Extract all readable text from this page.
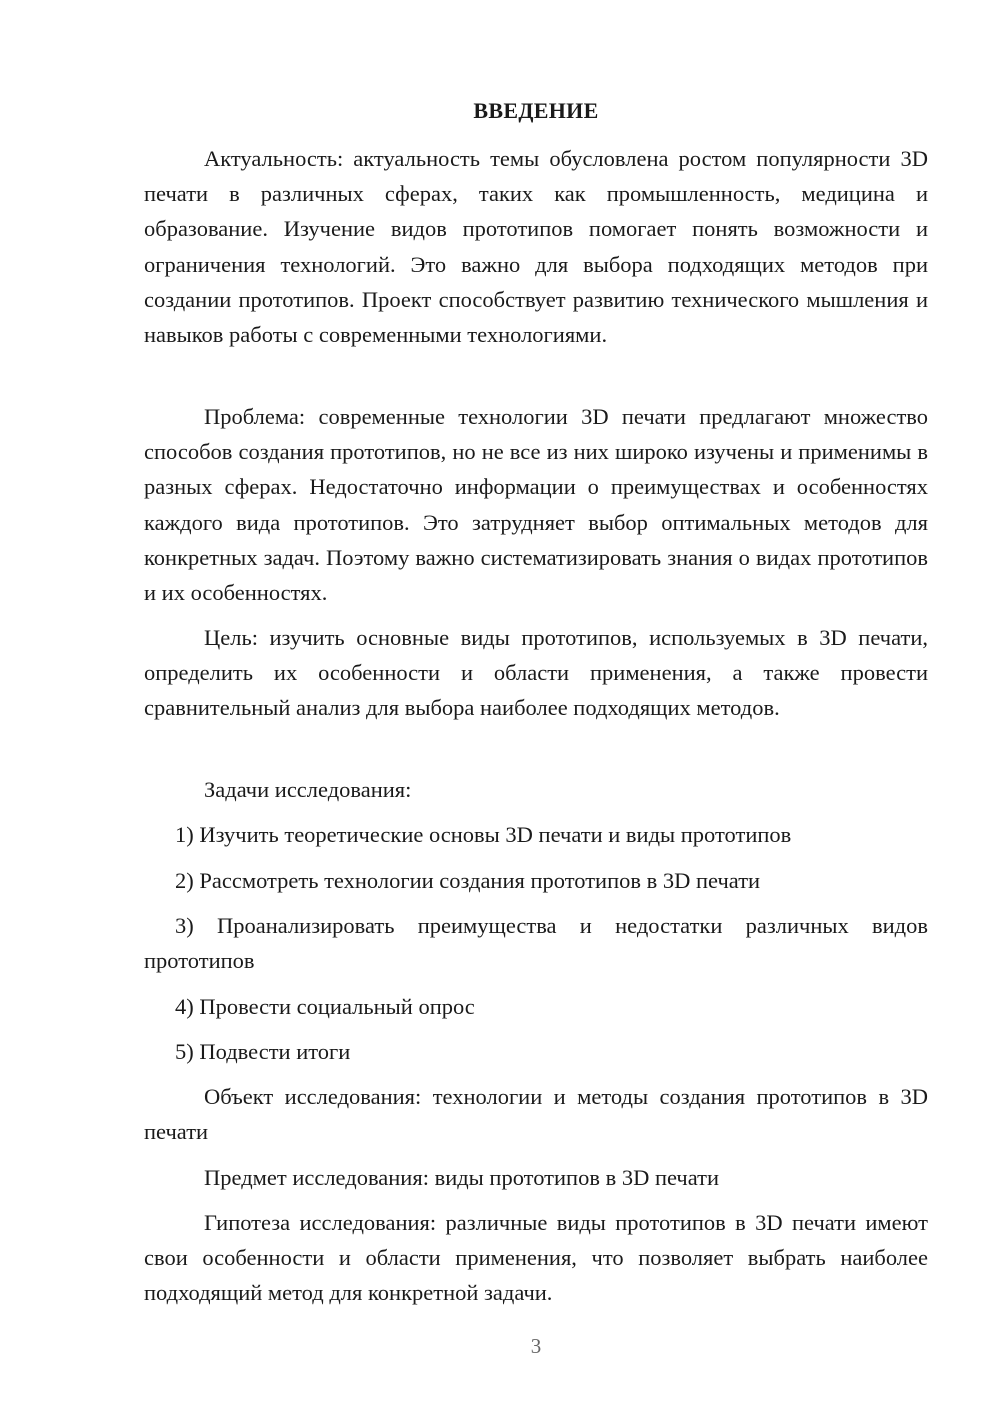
ВВЕДЕНИЕ

Актуальность: актуальность темы обусловлена ростом популярности 3D печати в различных сферах, таких как промышленность, медицина и образование. Изучение видов прототипов помогает понять возможности и ограничения технологий. Это важно для выбора подходящих методов при создании прототипов. Проект способствует развитию технического мышления и навыков работы с современными технологиями.

Проблема: современные технологии 3D печати предлагают множество способов создания прототипов, но не все из них широко изучены и применимы в разных сферах. Недостаточно информации о преимуществах и особенностях каждого вида прототипов. Это затрудняет выбор оптимальных методов для конкретных задач. Поэтому важно систематизировать знания о видах прототипов и их особенностях.

Цель: изучить основные виды прототипов, используемых в 3D печати, определить их особенности и области применения, а также провести сравнительный анализ для выбора наиболее подходящих методов.

Задачи исследования:

1) Изучить теоретические основы 3D печати и виды прототипов

2) Рассмотреть технологии создания прототипов в 3D печати

3) Проанализировать преимущества и недостатки различных видов прототипов

4) Провести социальный опрос

5) Подвести итоги

Объект исследования: технологии и методы создания прототипов в 3D печати

Предмет исследования: виды прототипов в 3D печати

Гипотеза исследования: различные виды прототипов в 3D печати имеют свои особенности и области применения, что позволяет выбрать наиболее подходящий метод для конкретной задачи.

3
